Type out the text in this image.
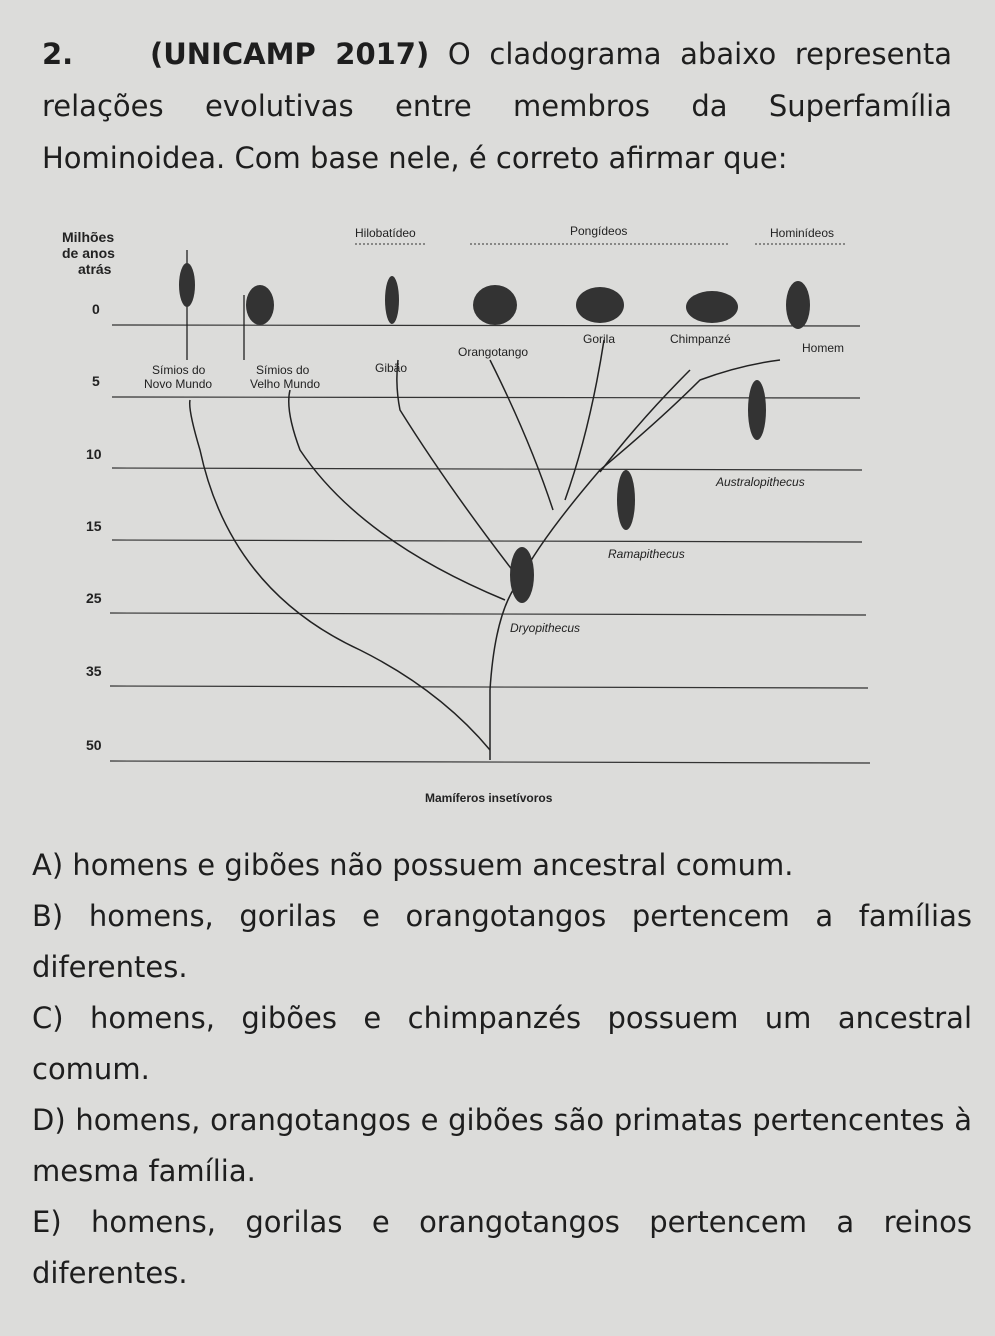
2.	(UNICAMP 2017) O cladograma abaixo representa relações evolutivas entre membros da Superfamília Hominoidea. Com base nele, é correto afirmar que:
Milhões
de anos
atrás
Hilobatídeo	Pongídeos	Hominídeos
0
5
10
15
25
35
50
Símios do
Novo Mundo
Símios do
Velho Mundo
Gibão
Orangotango
Gorila	Chimpanzé
Homem
Australopithecus
Ramapithecus
Dryopithecus
Mamíferos insetívoros

A) homens e gibões não possuem ancestral comum.

B) homens, gorilas e orangotangos pertencem a famílias diferentes.

C) homens, gibões e chimpanzés possuem um ancestral comum.

D) homens, orangotangos e gibões são primatas pertencentes à mesma família.

E) homens, gorilas e orangotangos pertencem a reinos diferentes.
